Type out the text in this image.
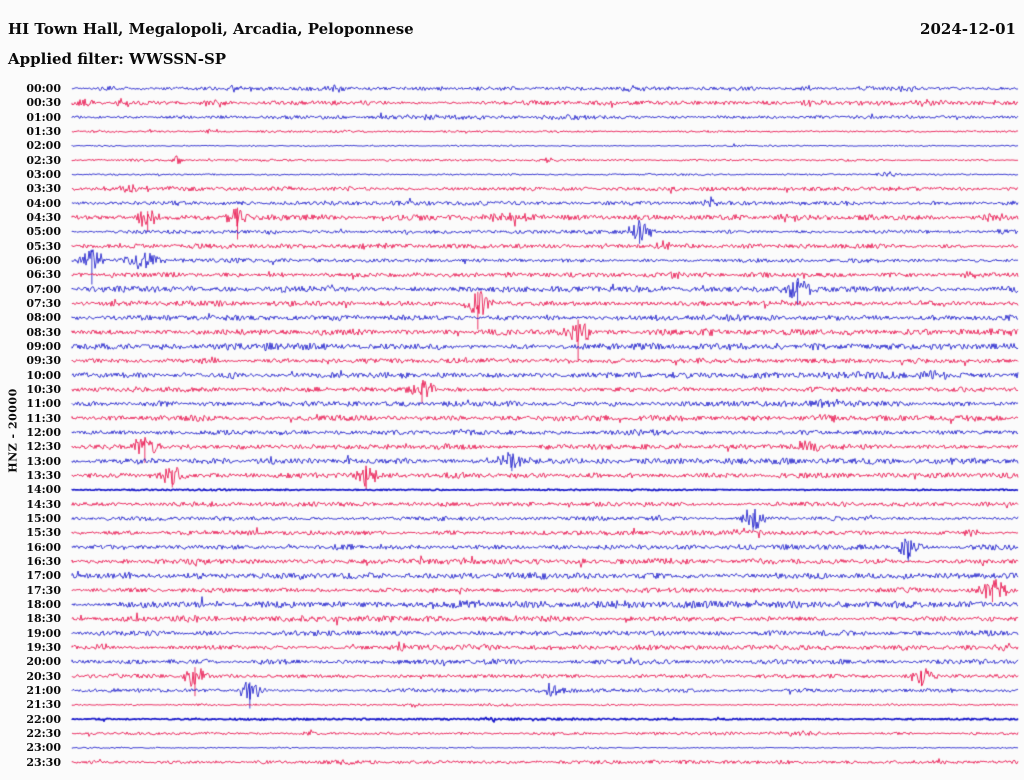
HI Town Hall, Megalopoli, Arcadia, Peloponnese	2024-12-01
Applied filter: WWSSN-SP
HNZ - 20000
00:00
00:30
01:00
01:30
02:00
02:30
03:00
03:30
04:00
04:30
05:00
05:30
06:00
06:30
07:00
07:30
08:00
08:30
09:00
09:30
10:00
10:30
11:00
11:30
12:00
12:30
13:00
13:30
14:00
14:30
15:00
15:30
16:00
16:30
17:00
17:30
18:00
18:30
19:00
19:30
20:00
20:30
21:00
21:30
22:00
22:30
23:00
23:30
